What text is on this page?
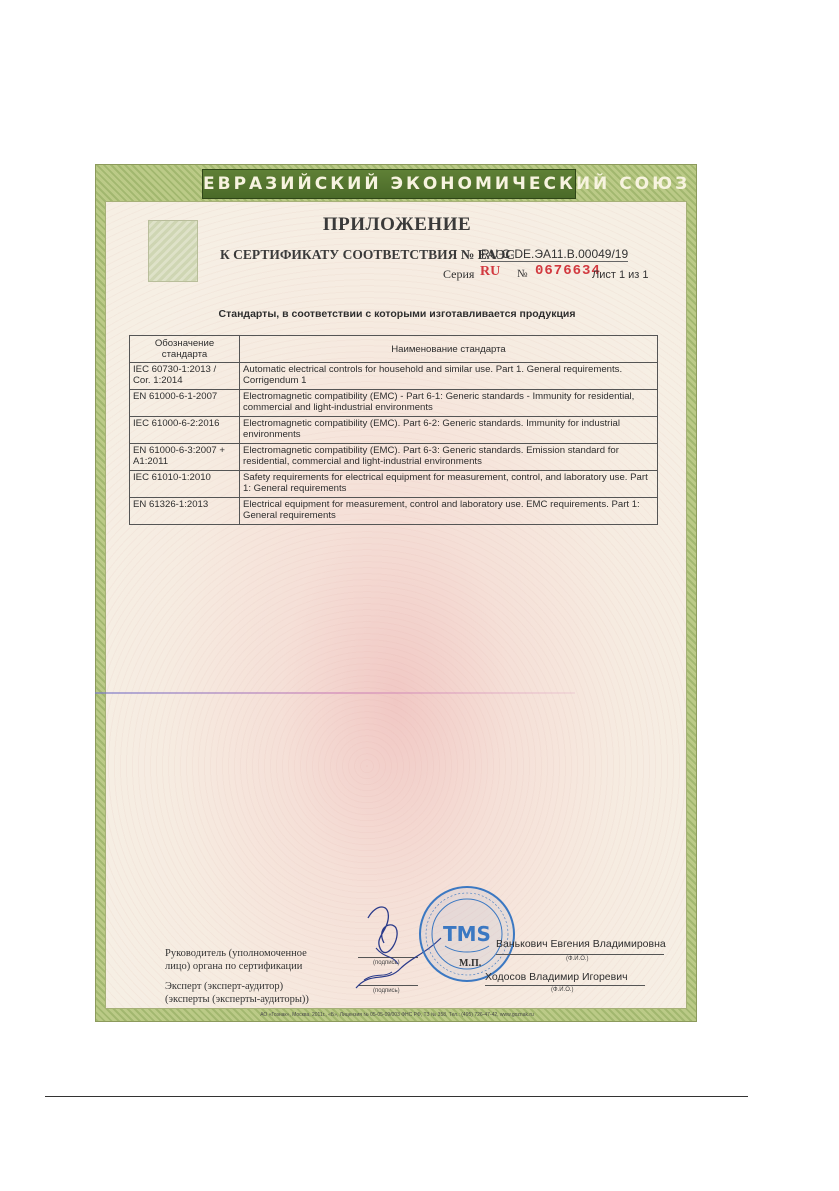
ЕВРАЗИЙСКИЙ ЭКОНОМИЧЕСКИЙ СОЮЗ
ПРИЛОЖЕНИЕ
К СЕРТИФИКАТУ СООТВЕТСТВИЯ № ЕАЭС
RU C-DE.ЭА11.B.00049/19
Серия RU № 0676634
Лист 1 из 1
Стандарты, в соответствии с которыми изготавливается продукция
Обозначение стандарта	Наименование стандарта
IEC 60730-1:2013 / Cor. 1:2014	Automatic electrical controls for household and similar use. Part 1. General requirements. Corrigendum 1
EN 61000-6-1-2007	Electromagnetic compatibility (EMC) - Part 6-1: Generic standards - Immunity for residential, commercial and light-industrial environments
IEC 61000-6-2:2016	Electromagnetic compatibility (EMC). Part 6-2: Generic standards. Immunity for industrial environments
EN 61000-6-3:2007 + A1:2011	Electromagnetic compatibility (EMC). Part 6-3: Generic standards. Emission standard for residential, commercial and light-industrial environments
IEC 61010-1:2010	Safety requirements for electrical equipment for measurement, control, and laboratory use. Part 1: General requirements
EN 61326-1:2013	Electrical equipment for measurement, control and laboratory use. EMC requirements. Part 1: General requirements
Руководитель (уполномоченное
лицо) органа по сертификации
Эксперт (эксперт-аудитор)
(эксперты (эксперты-аудиторы))
(подпись)
(подпись)
TMS
М.П.
Ванькович Евгения Владимировна
(Ф.И.О.)
Ходосов Владимир Игоревич
(Ф.И.О.)
АО «Гознак», Москва, 2011г., «Б», Лицензия № 05-05-09/003 ФНС РФ, ТЗ № 358, Тел.: (495) 726-47-42, www.goznak.ru
